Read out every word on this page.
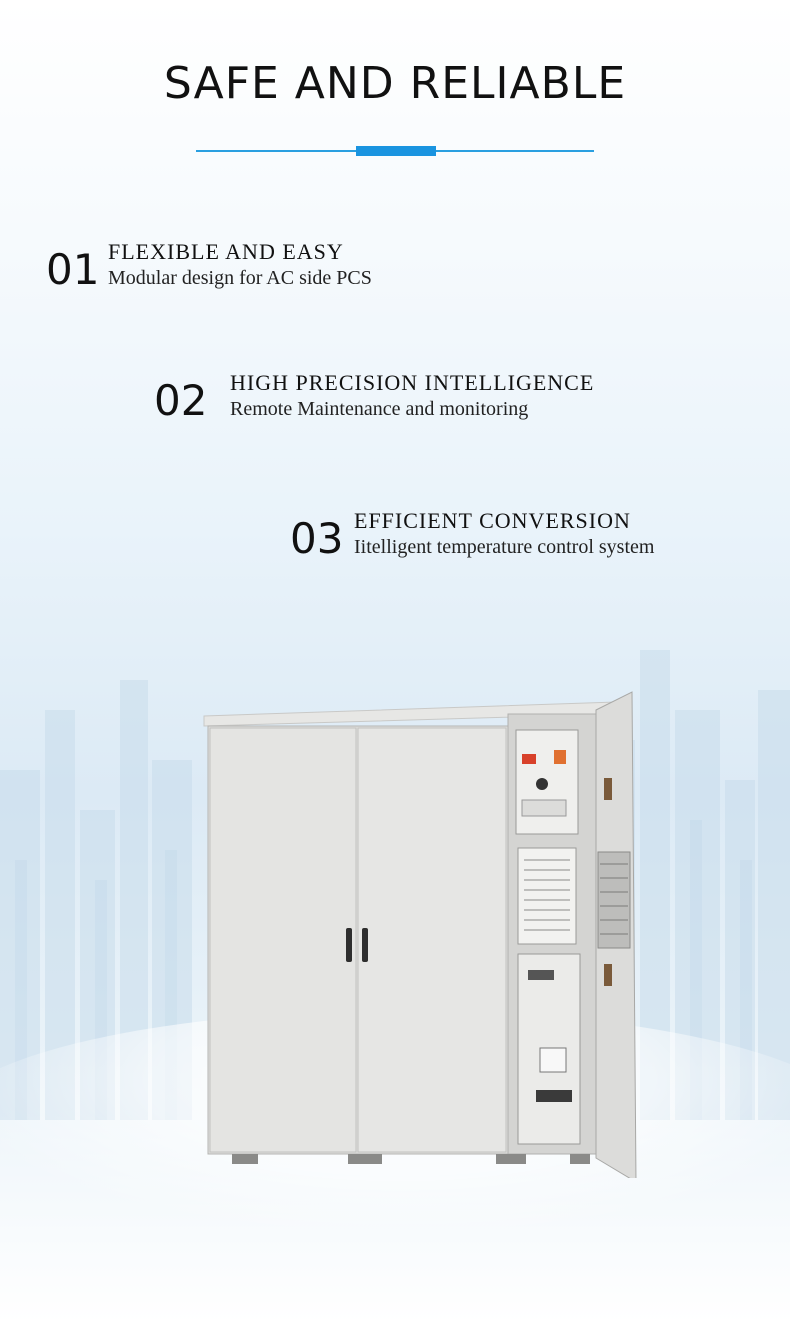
SAFE AND RELIABLE
01 FLEXIBLE AND EASY
Modular design for AC side PCS
02 HIGH PRECISION INTELLIGENCE
Remote Maintenance and monitoring
03 EFFICIENT CONVERSION
Iitelligent temperature control system
